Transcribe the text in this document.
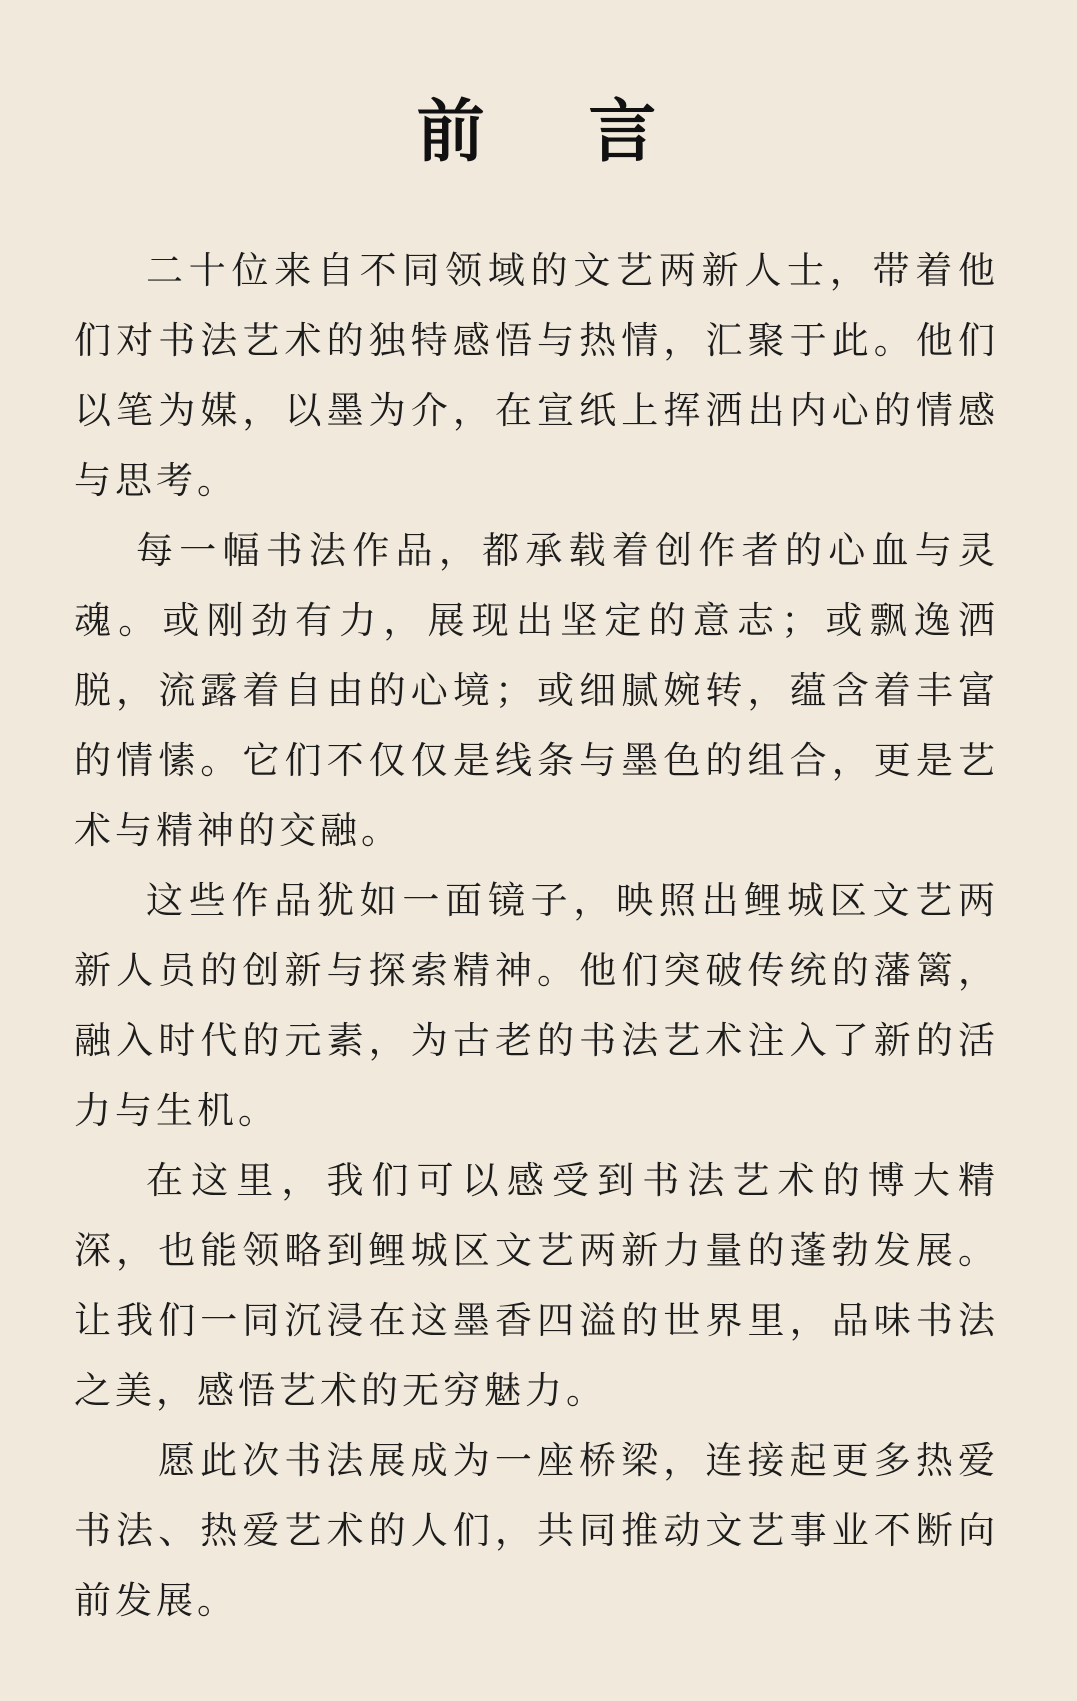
前 言

二十位来自不同领域的文艺两新人士，带着他们对书法艺术的独特感悟与热情，汇聚于此。他们以笔为媒，以墨为介，在宣纸上挥洒出内心的情感与思考。

每一幅书法作品，都承载着创作者的心血与灵魂。或刚劲有力，展现出坚定的意志；或飘逸洒脱，流露着自由的心境；或细腻婉转，蕴含着丰富的情愫。它们不仅仅是线条与墨色的组合，更是艺术与精神的交融。

这些作品犹如一面镜子，映照出鲤城区文艺两新人员的创新与探索精神。他们突破传统的藩篱，融入时代的元素，为古老的书法艺术注入了新的活力与生机。

在这里，我们可以感受到书法艺术的博大精深，也能领略到鲤城区文艺两新力量的蓬勃发展。让我们一同沉浸在这墨香四溢的世界里，品味书法之美，感悟艺术的无穷魅力。

愿此次书法展成为一座桥梁，连接起更多热爱书法、热爱艺术的人们，共同推动文艺事业不断向前发展。
